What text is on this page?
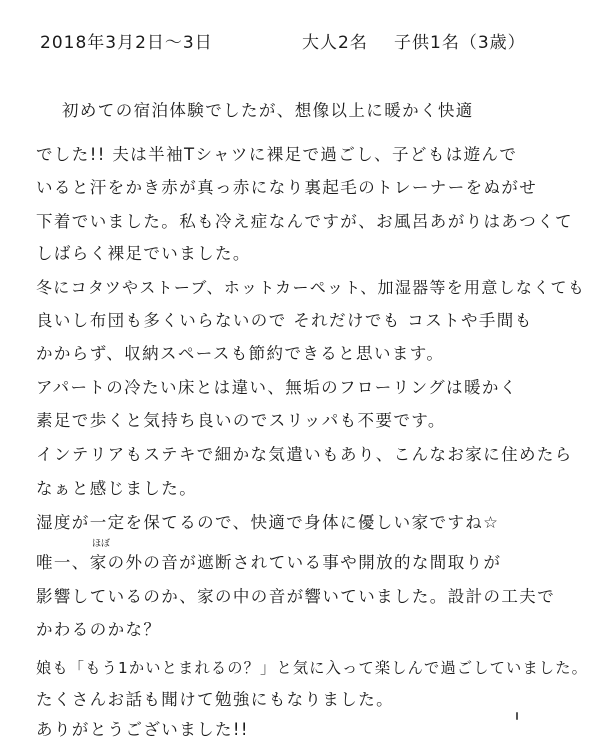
2018年3月2日～3日	大人2名 子供1名（3歳）
初めての宿泊体験でしたが、想像以上に暖かく快適
でした!! 夫は半袖Tシャツに裸足で過ごし、子どもは遊んで
いると汗をかき赤が真っ赤になり裏起毛のトレーナーをぬがせ
下着でいました。私も冷え症なんですが、お風呂あがりはあつくて
しばらく裸足でいました。
冬にコタツやストーブ、ホットカーペット、加湿器等を用意しなくても
良いし布団も多くいらないので それだけでも コストや手間も
かからず、収納スペースも節約できると思います。
アパートの冷たい床とは違い、無垢のフローリングは暖かく
素足で歩くと気持ち良いのでスリッパも不要です。
インテリアもステキで細かな気遣いもあり、こんなお家に住めたら
なぁと感じました。
湿度が一定を保てるので、快適で身体に優しい家ですね☆
ほぼ
唯一、家の外の音が遮断されている事や開放的な間取りが
影響しているのか、家の中の音が響いていました。設計の工夫で
かわるのかな？
娘も「もう1かいとまれるの？」と気に入って楽しんで過ごしていました。
たくさんお話も聞けて勉強にもなりました。
ありがとうございました!!
